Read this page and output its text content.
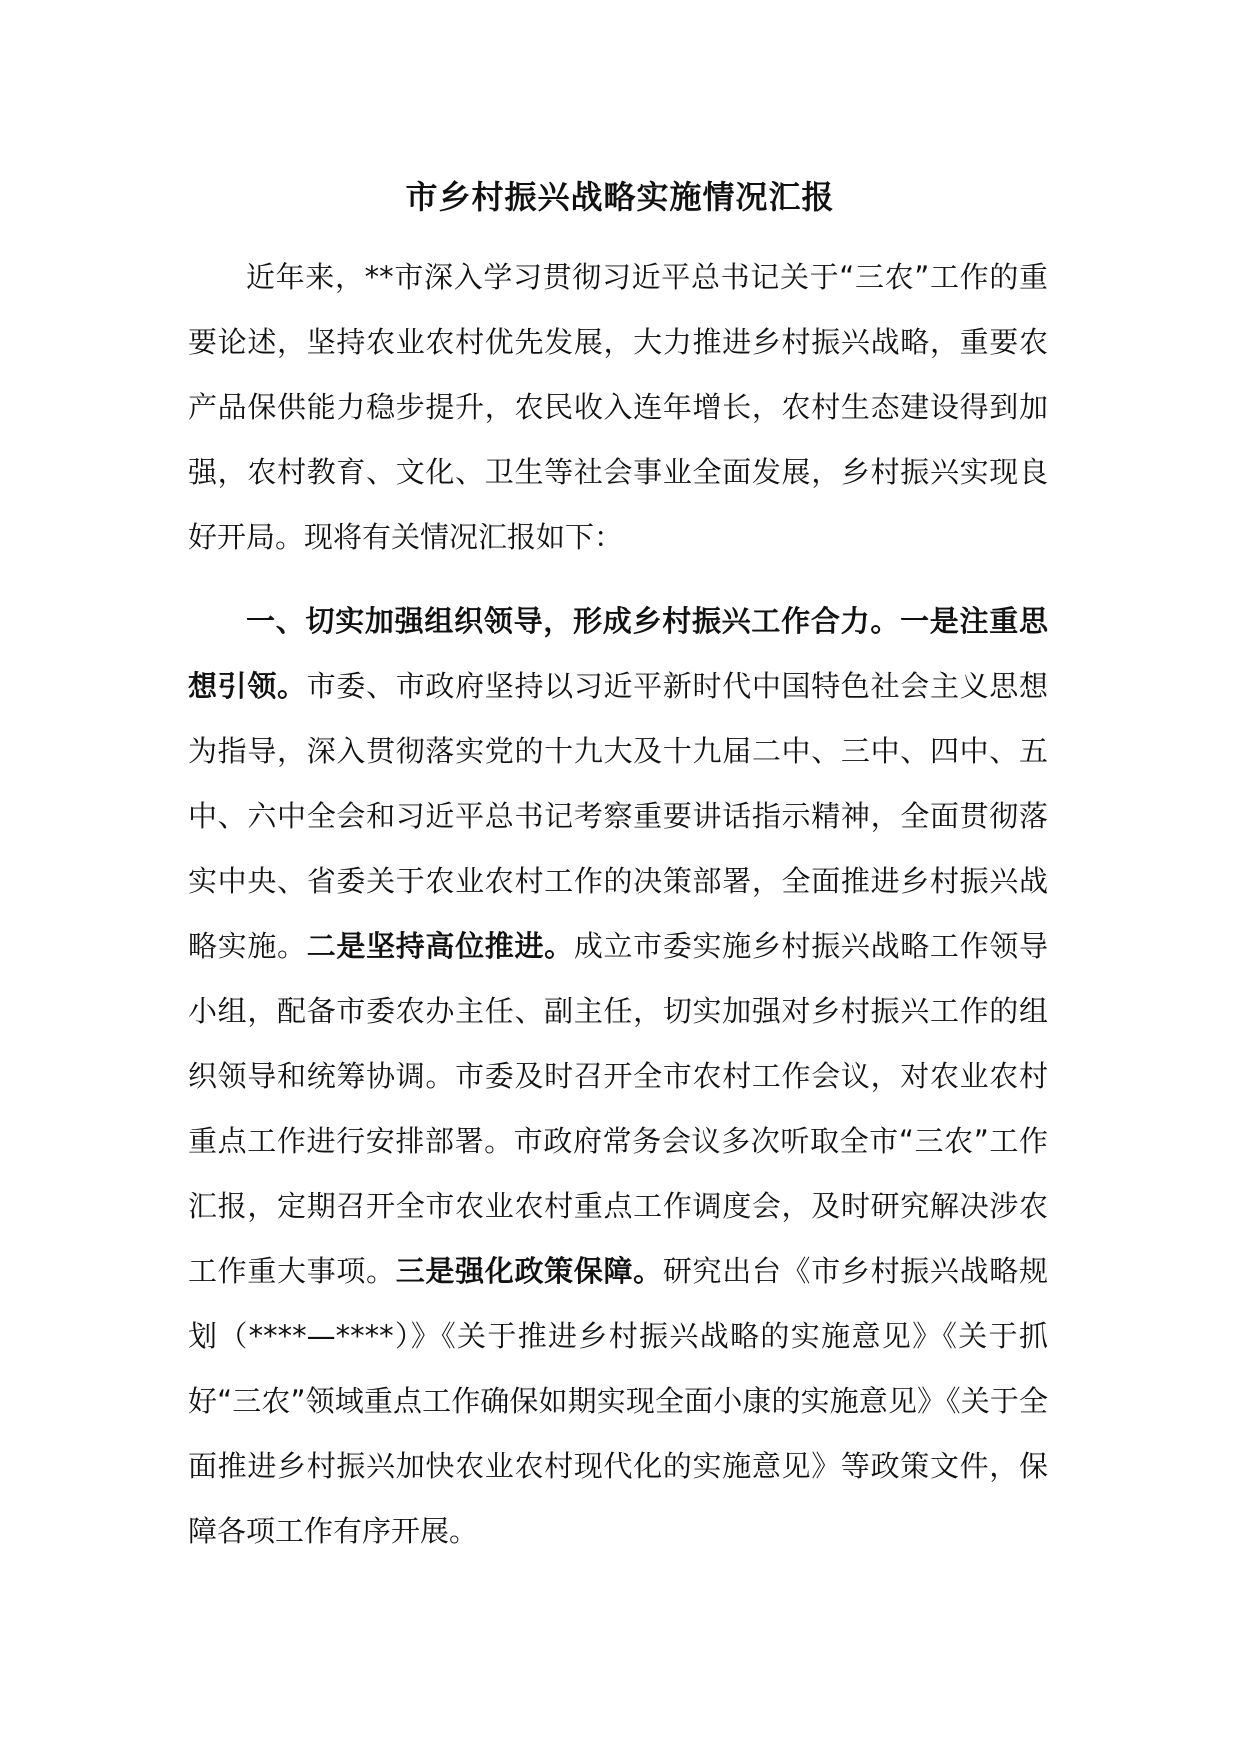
市乡村振兴战略实施情况汇报

近年来，**市深入学习贯彻习近平总书记关于“三农”工作的重要论述，坚持农业农村优先发展，大力推进乡村振兴战略，重要农产品保供能力稳步提升，农民收入连年增长，农村生态建设得到加强，农村教育、文化、卫生等社会事业全面发展，乡村振兴实现良好开局。现将有关情况汇报如下：

一、切实加强组织领导，形成乡村振兴工作合力。一是注重思想引领。市委、市政府坚持以习近平新时代中国特色社会主义思想为指导，深入贯彻落实党的十九大及十九届二中、三中、四中、五中、六中全会和习近平总书记考察重要讲话指示精神，全面贯彻落实中央、省委关于农业农村工作的决策部署，全面推进乡村振兴战略实施。二是坚持高位推进。成立市委实施乡村振兴战略工作领导小组，配备市委农办主任、副主任，切实加强对乡村振兴工作的组织领导和统筹协调。市委及时召开全市农村工作会议，对农业农村重点工作进行安排部署。市政府常务会议多次听取全市“三农”工作汇报，定期召开全市农业农村重点工作调度会，及时研究解决涉农工作重大事项。三是强化政策保障。研究出台《市乡村振兴战略规划（****—****）》《关于推进乡村振兴战略的实施意见》《关于抓好“三农”领域重点工作确保如期实现全面小康的实施意见》《关于全面推进乡村振兴加快农业农村现代化的实施意见》等政策文件，保障各项工作有序开展。
